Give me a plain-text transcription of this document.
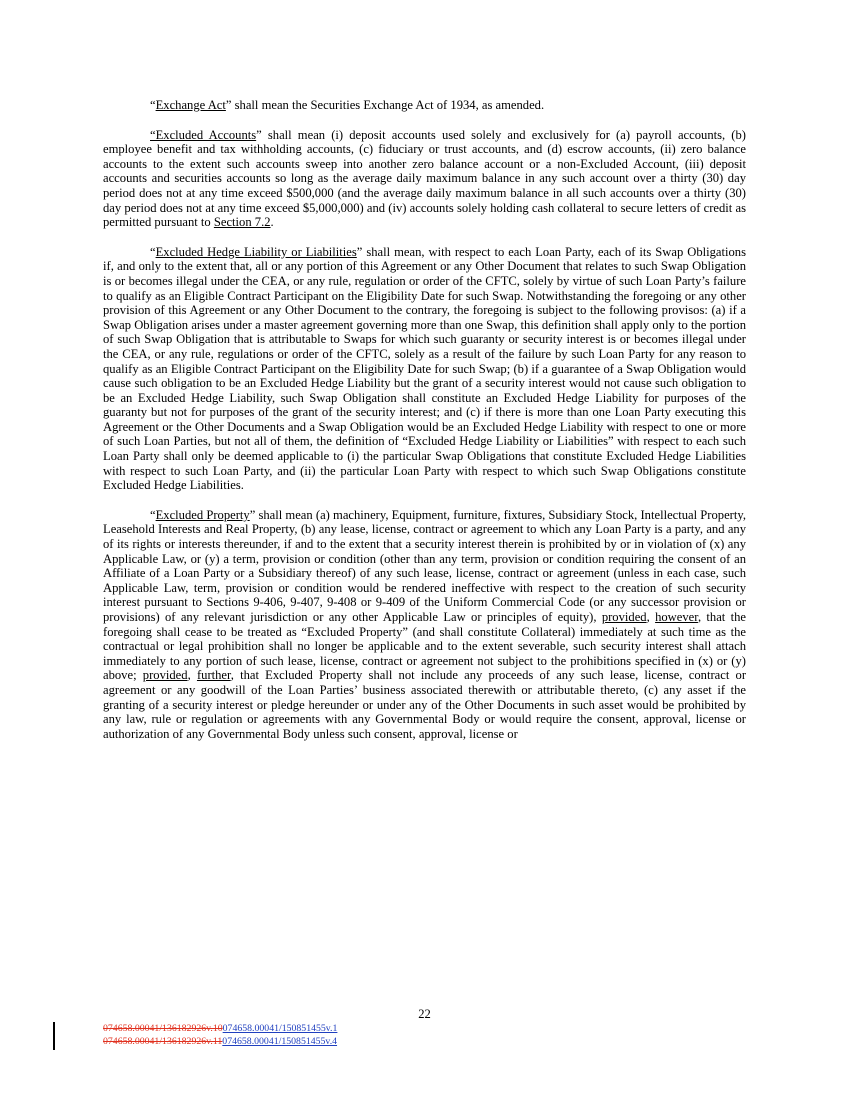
“Exchange Act” shall mean the Securities Exchange Act of 1934, as amended.

“Excluded Accounts” shall mean (i) deposit accounts used solely and exclusively for (a) payroll accounts, (b) employee benefit and tax withholding accounts, (c) fiduciary or trust accounts, and (d) escrow accounts, (ii) zero balance accounts to the extent such accounts sweep into another zero balance account or a non-Excluded Account, (iii) deposit accounts and securities accounts so long as the average daily maximum balance in any such account over a thirty (30) day period does not at any time exceed $500,000 (and the average daily maximum balance in all such accounts over a thirty (30) day period does not at any time exceed $5,000,000) and (iv) accounts solely holding cash collateral to secure letters of credit as permitted pursuant to Section 7.2.

“Excluded Hedge Liability or Liabilities” shall mean, with respect to each Loan Party, each of its Swap Obligations if, and only to the extent that, all or any portion of this Agreement or any Other Document that relates to such Swap Obligation is or becomes illegal under the CEA, or any rule, regulation or order of the CFTC, solely by virtue of such Loan Party’s failure to qualify as an Eligible Contract Participant on the Eligibility Date for such Swap. Notwithstanding the foregoing or any other provision of this Agreement or any Other Document to the contrary, the foregoing is subject to the following provisos: (a) if a Swap Obligation arises under a master agreement governing more than one Swap, this definition shall apply only to the portion of such Swap Obligation that is attributable to Swaps for which such guaranty or security interest is or becomes illegal under the CEA, or any rule, regulations or order of the CFTC, solely as a result of the failure by such Loan Party for any reason to qualify as an Eligible Contract Participant on the Eligibility Date for such Swap; (b) if a guarantee of a Swap Obligation would cause such obligation to be an Excluded Hedge Liability but the grant of a security interest would not cause such obligation to be an Excluded Hedge Liability, such Swap Obligation shall constitute an Excluded Hedge Liability for purposes of the guaranty but not for purposes of the grant of the security interest; and (c) if there is more than one Loan Party executing this Agreement or the Other Documents and a Swap Obligation would be an Excluded Hedge Liability with respect to one or more of such Loan Parties, but not all of them, the definition of “Excluded Hedge Liability or Liabilities” with respect to each such Loan Party shall only be deemed applicable to (i) the particular Swap Obligations that constitute Excluded Hedge Liabilities with respect to such Loan Party, and (ii) the particular Loan Party with respect to which such Swap Obligations constitute Excluded Hedge Liabilities.

“Excluded Property” shall mean (a) machinery, Equipment, furniture, fixtures, Subsidiary Stock, Intellectual Property, Leasehold Interests and Real Property, (b) any lease, license, contract or agreement to which any Loan Party is a party, and any of its rights or interests thereunder, if and to the extent that a security interest therein is prohibited by or in violation of (x) any Applicable Law, or (y) a term, provision or condition (other than any term, provision or condition requiring the consent of an Affiliate of a Loan Party or a Subsidiary thereof) of any such lease, license, contract or agreement (unless in each case, such Applicable Law, term, provision or condition would be rendered ineffective with respect to the creation of such security interest pursuant to Sections 9-406, 9-407, 9-408 or 9-409 of the Uniform Commercial Code (or any successor provision or provisions) of any relevant jurisdiction or any other Applicable Law or principles of equity), provided, however, that the foregoing shall cease to be treated as “Excluded Property” (and shall constitute Collateral) immediately at such time as the contractual or legal prohibition shall no longer be applicable and to the extent severable, such security interest shall attach immediately to any portion of such lease, license, contract or agreement not subject to the prohibitions specified in (x) or (y) above; provided, further, that Excluded Property shall not include any proceeds of any such lease, license, contract or agreement or any goodwill of the Loan Parties’ business associated therewith or attributable thereto, (c) any asset if the granting of a security interest or pledge hereunder or under any of the Other Documents in such asset would be prohibited by any law, rule or regulation or agreements with any Governmental Body or would require the consent, approval, license or authorization of any Governmental Body unless such consent, approval, license or

22
074658.00041/136182926v.10074658.00041/150851455v.1
074658.00041/136182926v.11074658.00041/150851455v.4
